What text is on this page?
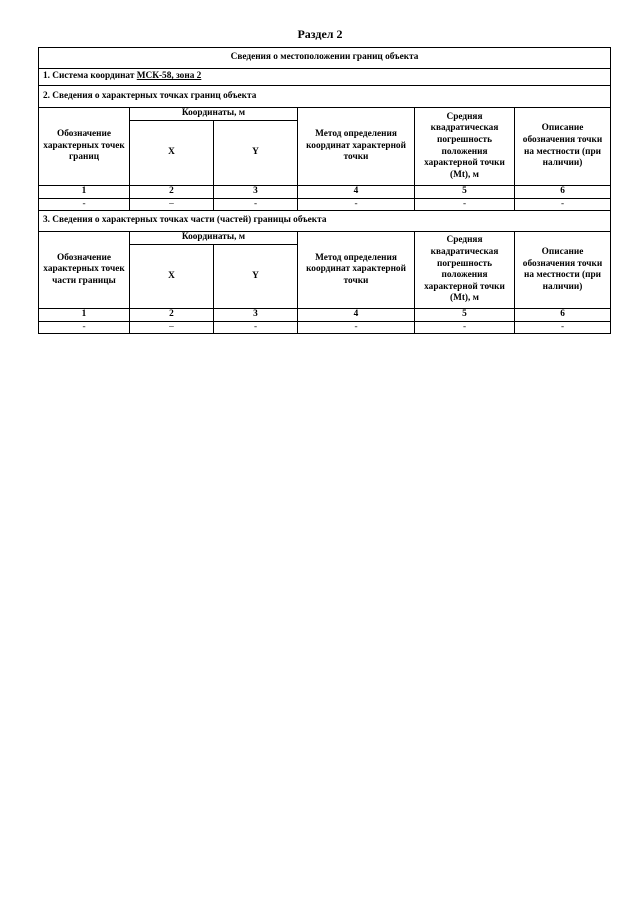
Раздел 2
Сведения о местоположении границ объекта					
1. Система координат МСК-58, зона 2					
2. Сведения о характерных точках границ объекта					
Обозначение характерных точек границ	Координаты, м		Метод определения координат характерной точки	Средняя квадратическая погрешность положения характерной точки (Mt), м	Описание обозначения точки на местности (при наличии)
	X	Y			
1	2	3	4	5	6
-	–	-	-	-	-
3. Сведения о характерных точках части (частей) границы объекта					
Обозначение характерных точек части границы	Координаты, м		Метод определения координат характерной точки	Средняя квадратическая погрешность положения характерной точки (Mt), м	Описание обозначения точки на местности (при наличии)
	X	Y			
1	2	3	4	5	6
-	–	-	-	-	-
